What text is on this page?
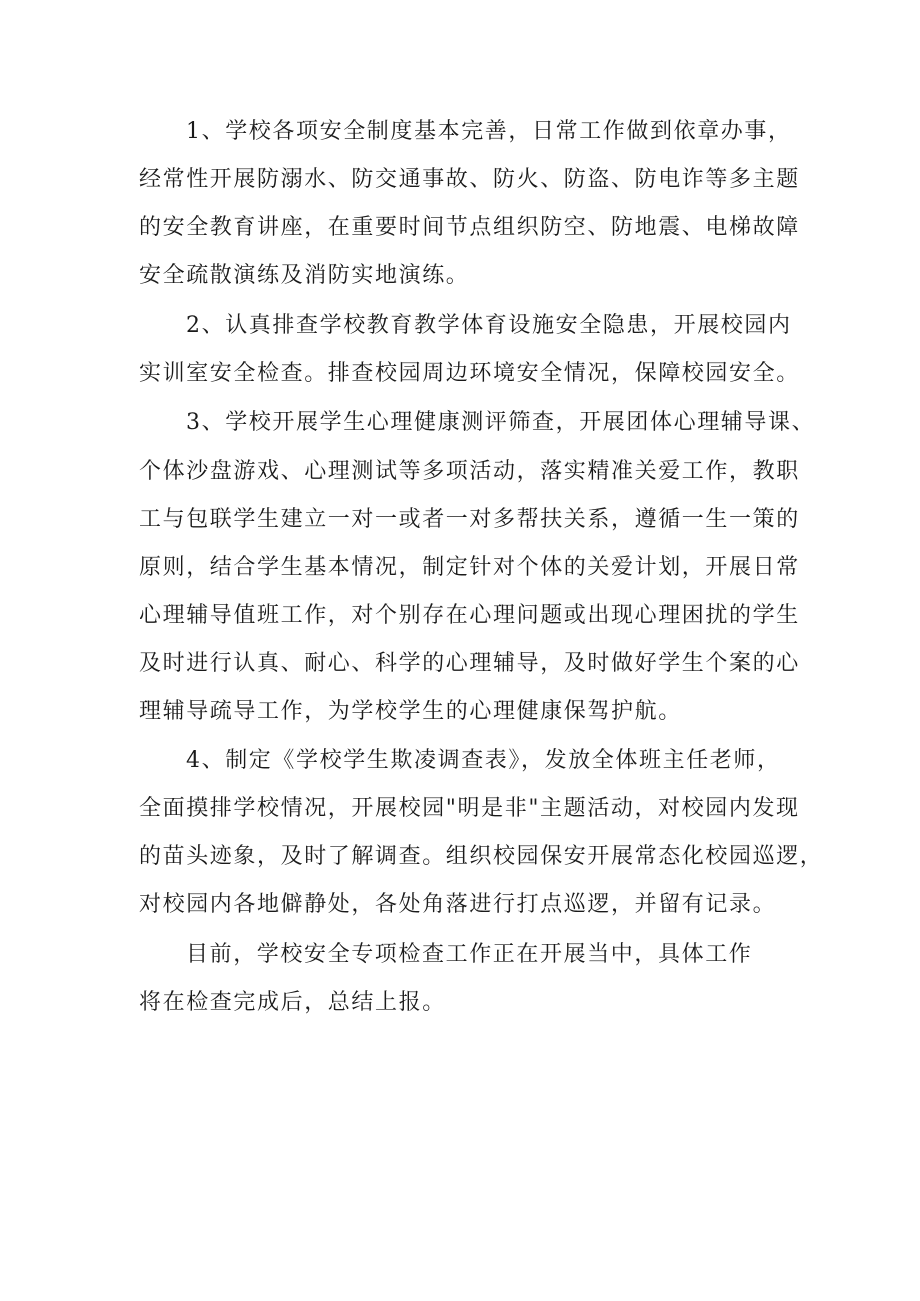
1、学校各项安全制度基本完善，日常工作做到依章办事，

经常性开展防溺水、防交通事故、防火、防盗、防电诈等多主题

的安全教育讲座，在重要时间节点组织防空、防地震、电梯故障

安全疏散演练及消防实地演练。

2、认真排查学校教育教学体育设施安全隐患，开展校园内

实训室安全检查。排查校园周边环境安全情况，保障校园安全。

3、学校开展学生心理健康测评筛查，开展团体心理辅导课、

个体沙盘游戏、心理测试等多项活动，落实精准关爱工作，教职

工与包联学生建立一对一或者一对多帮扶关系，遵循一生一策的

原则，结合学生基本情况，制定针对个体的关爱计划，开展日常

心理辅导值班工作，对个别存在心理问题或出现心理困扰的学生

及时进行认真、耐心、科学的心理辅导，及时做好学生个案的心

理辅导疏导工作，为学校学生的心理健康保驾护航。

4、制定《学校学生欺凌调查表》，发放全体班主任老师，

全面摸排学校情况，开展校园"明是非"主题活动，对校园内发现

的苗头迹象，及时了解调查。组织校园保安开展常态化校园巡逻，

对校园内各地僻静处，各处角落进行打点巡逻，并留有记录。

目前，学校安全专项检查工作正在开展当中，具体工作

将在检查完成后，总结上报。
